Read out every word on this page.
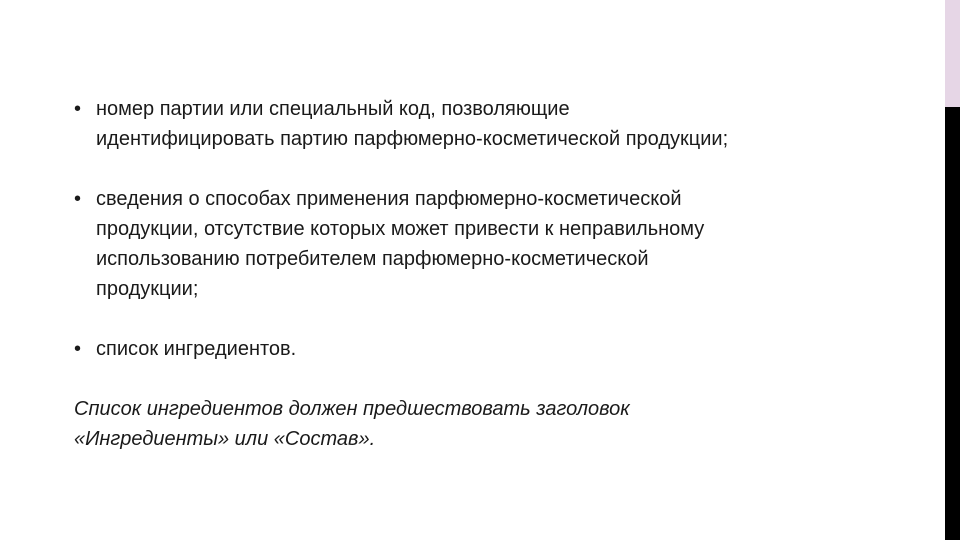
• номер партии или специальный код, позволяющие
идентифицировать партию парфюмерно-косметической продукции;
• сведения о способах применения парфюмерно-косметической
продукции, отсутствие которых может привести к неправильному
использованию потребителем парфюмерно-косметической
продукции;
• список ингредиентов.
Список ингредиентов должен предшествовать заголовок
«Ингредиенты» или «Состав».
